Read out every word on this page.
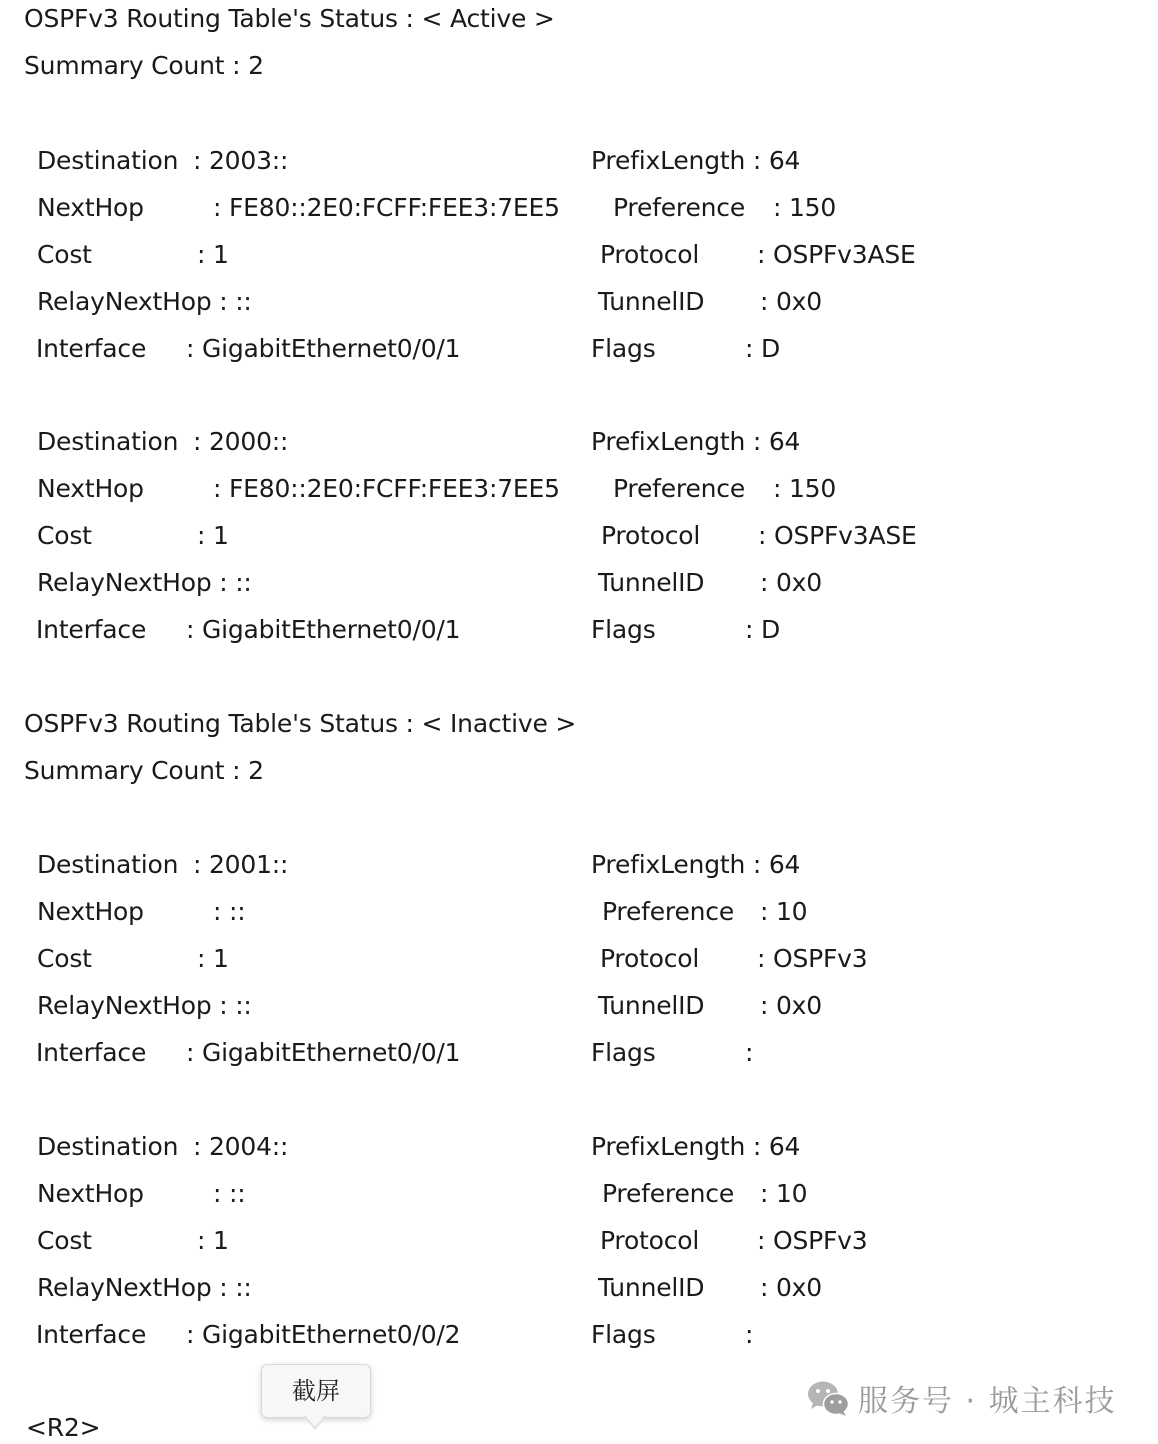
OSPFv3 Routing Table's Status : < Active >
Summary Count : 2
Destination : 2003::	PrefixLength : 64
NextHop	: FE80::2E0:FCFF:FEE3:7EE5 Preference : 150
Cost	: 1	Protocol : OSPFv3ASE
RelayNextHop : ::	TunnelID : 0x0
Interface : GigabitEthernet0/0/1	Flags	: D
Destination : 2000::	PrefixLength : 64
NextHop	: FE80::2E0:FCFF:FEE3:7EE5 Preference : 150
Cost	: 1	Protocol : OSPFv3ASE
RelayNextHop : ::	TunnelID : 0x0
Interface : GigabitEthernet0/0/1	Flags	: D
OSPFv3 Routing Table's Status : < Inactive >
Summary Count : 2
Destination : 2001::	PrefixLength : 64
NextHop	: ::	Preference : 10
Cost	: 1	Protocol : OSPFv3
RelayNextHop : ::	TunnelID : 0x0
Interface : GigabitEthernet0/0/1	Flags	:
Destination : 2004::	PrefixLength : 64
NextHop	: ::	Preference : 10
Cost	: 1	Protocol : OSPFv3
RelayNextHop : ::	TunnelID : 0x0
Interface : GigabitEthernet0/0/2	Flags	:
<R2>
截屏	服务号 · 城主科技
